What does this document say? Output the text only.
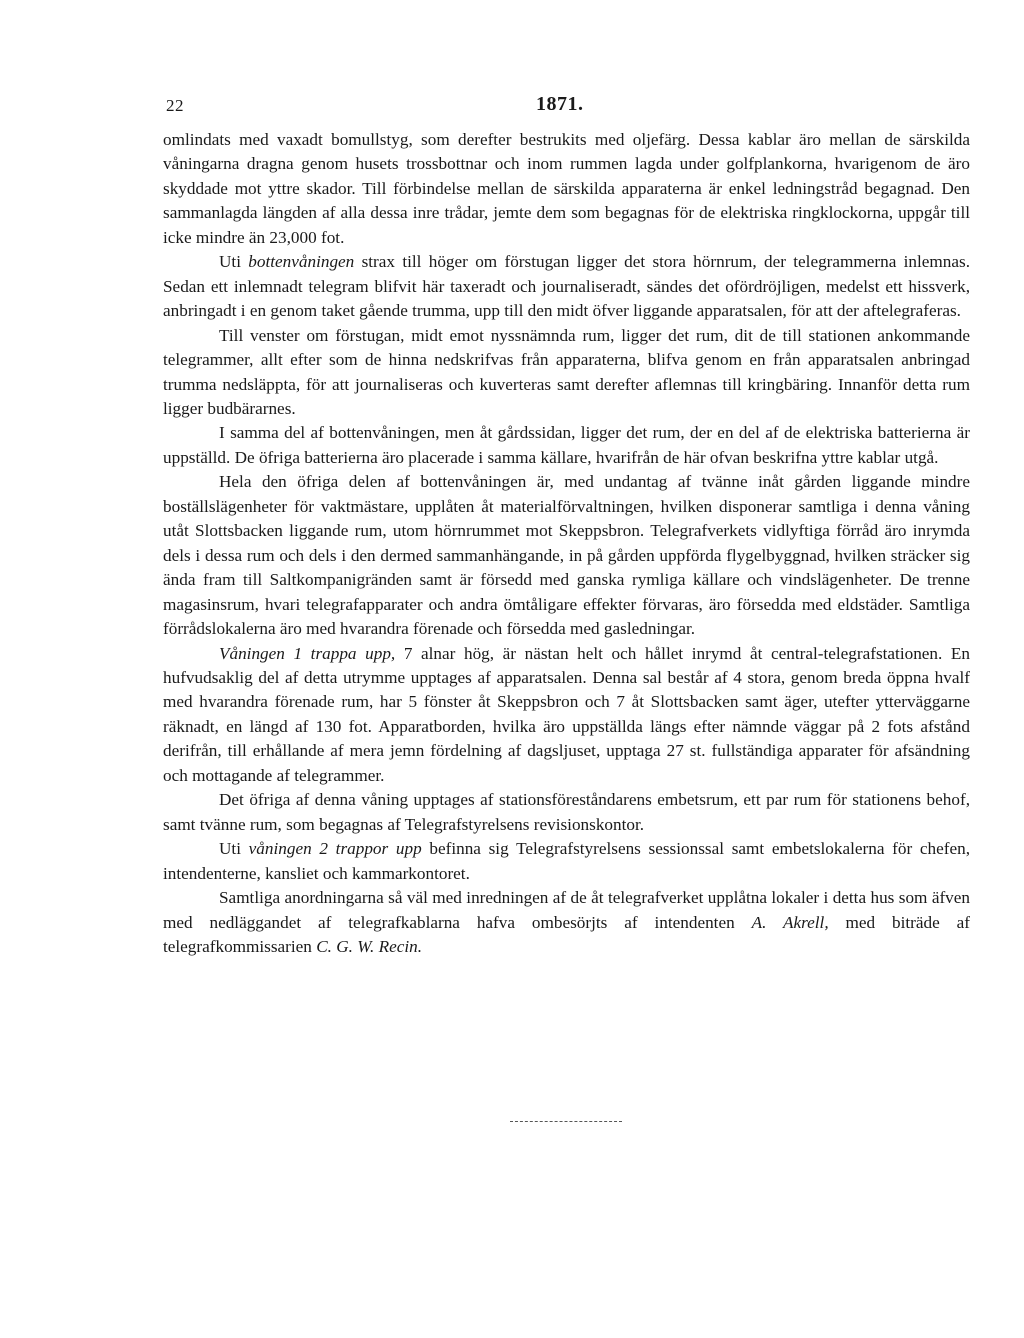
22	1871.

omlindats med vaxadt bomullstyg, som derefter bestrukits med oljefärg. Dessa kablar äro mellan de särskilda våningarna dragna genom husets trossbottnar och inom rummen lagda under golfplankorna, hvarigenom de äro skyddade mot yttre skador. Till förbindelse mellan de särskilda apparaterna är enkel ledningstråd begagnad. Den sammanlagda längden af alla dessa inre trådar, jemte dem som begagnas för de elektriska ringklockorna, uppgår till icke mindre än 23,000 fot.

Uti bottenvåningen strax till höger om förstugan ligger det stora hörnrum, der telegrammerna inlemnas. Sedan ett inlemnadt telegram blifvit här taxeradt och journaliseradt, sändes det ofördröjligen, medelst ett hissverk, anbringadt i en genom taket gående trumma, upp till den midt öfver liggande apparatsalen, för att der aftelegraferas.

Till venster om förstugan, midt emot nyssnämnda rum, ligger det rum, dit de till stationen ankommande telegrammer, allt efter som de hinna nedskrifvas från apparaterna, blifva genom en från apparatsalen anbringad trumma nedsläppta, för att journaliseras och kuverteras samt derefter aflemnas till kringbäring. Innanför detta rum ligger budbärarnes.

I samma del af bottenvåningen, men åt gårdssidan, ligger det rum, der en del af de elektriska batterierna är uppställd. De öfriga batterierna äro placerade i samma källare, hvarifrån de här ofvan beskrifna yttre kablar utgå.

Hela den öfriga delen af bottenvåningen är, med undantag af tvänne inåt gården liggande mindre boställslägenheter för vaktmästare, upplåten åt materialförvaltningen, hvilken disponerar samtliga i denna våning utåt Slottsbacken liggande rum, utom hörnrummet mot Skeppsbron. Telegrafverkets vidlyftiga förråd äro inrymda dels i dessa rum och dels i den dermed sammanhängande, in på gården uppförda flygelbyggnad, hvilken sträcker sig ända fram till Saltkompanigränden samt är försedd med ganska rymliga källare och vindslägenheter. De trenne magasinsrum, hvari telegrafapparater och andra ömtåligare effekter förvaras, äro försedda med eldstäder. Samtliga förrådslokalerna äro med hvarandra förenade och försedda med gasledningar.

Våningen 1 trappa upp, 7 alnar hög, är nästan helt och hållet inrymd åt central-telegrafstationen. En hufvudsaklig del af detta utrymme upptages af apparatsalen. Denna sal består af 4 stora, genom breda öppna hvalf med hvarandra förenade rum, har 5 fönster åt Skeppsbron och 7 åt Slottsbacken samt äger, utefter ytterväggarne räknadt, en längd af 130 fot. Apparatborden, hvilka äro uppställda längs efter nämnde väggar på 2 fots afstånd derifrån, till erhållande af mera jemn fördelning af dagsljuset, upptaga 27 st. fullständiga apparater för afsändning och mottagande af telegrammer.

Det öfriga af denna våning upptages af stationsföreståndarens embetsrum, ett par rum för stationens behof, samt tvänne rum, som begagnas af Telegrafstyrelsens revisionskontor.

Uti våningen 2 trappor upp befinna sig Telegrafstyrelsens sessionssal samt embetslokalerna för chefen, intendenterne, kansliet och kammarkontoret.

Samtliga anordningarna så väl med inredningen af de åt telegrafverket upplåtna lokaler i detta hus som äfven med nedläggandet af telegrafkablarna hafva ombesörjts af intendenten A. Akrell, med biträde af telegrafkommissarien C. G. W. Recin.
